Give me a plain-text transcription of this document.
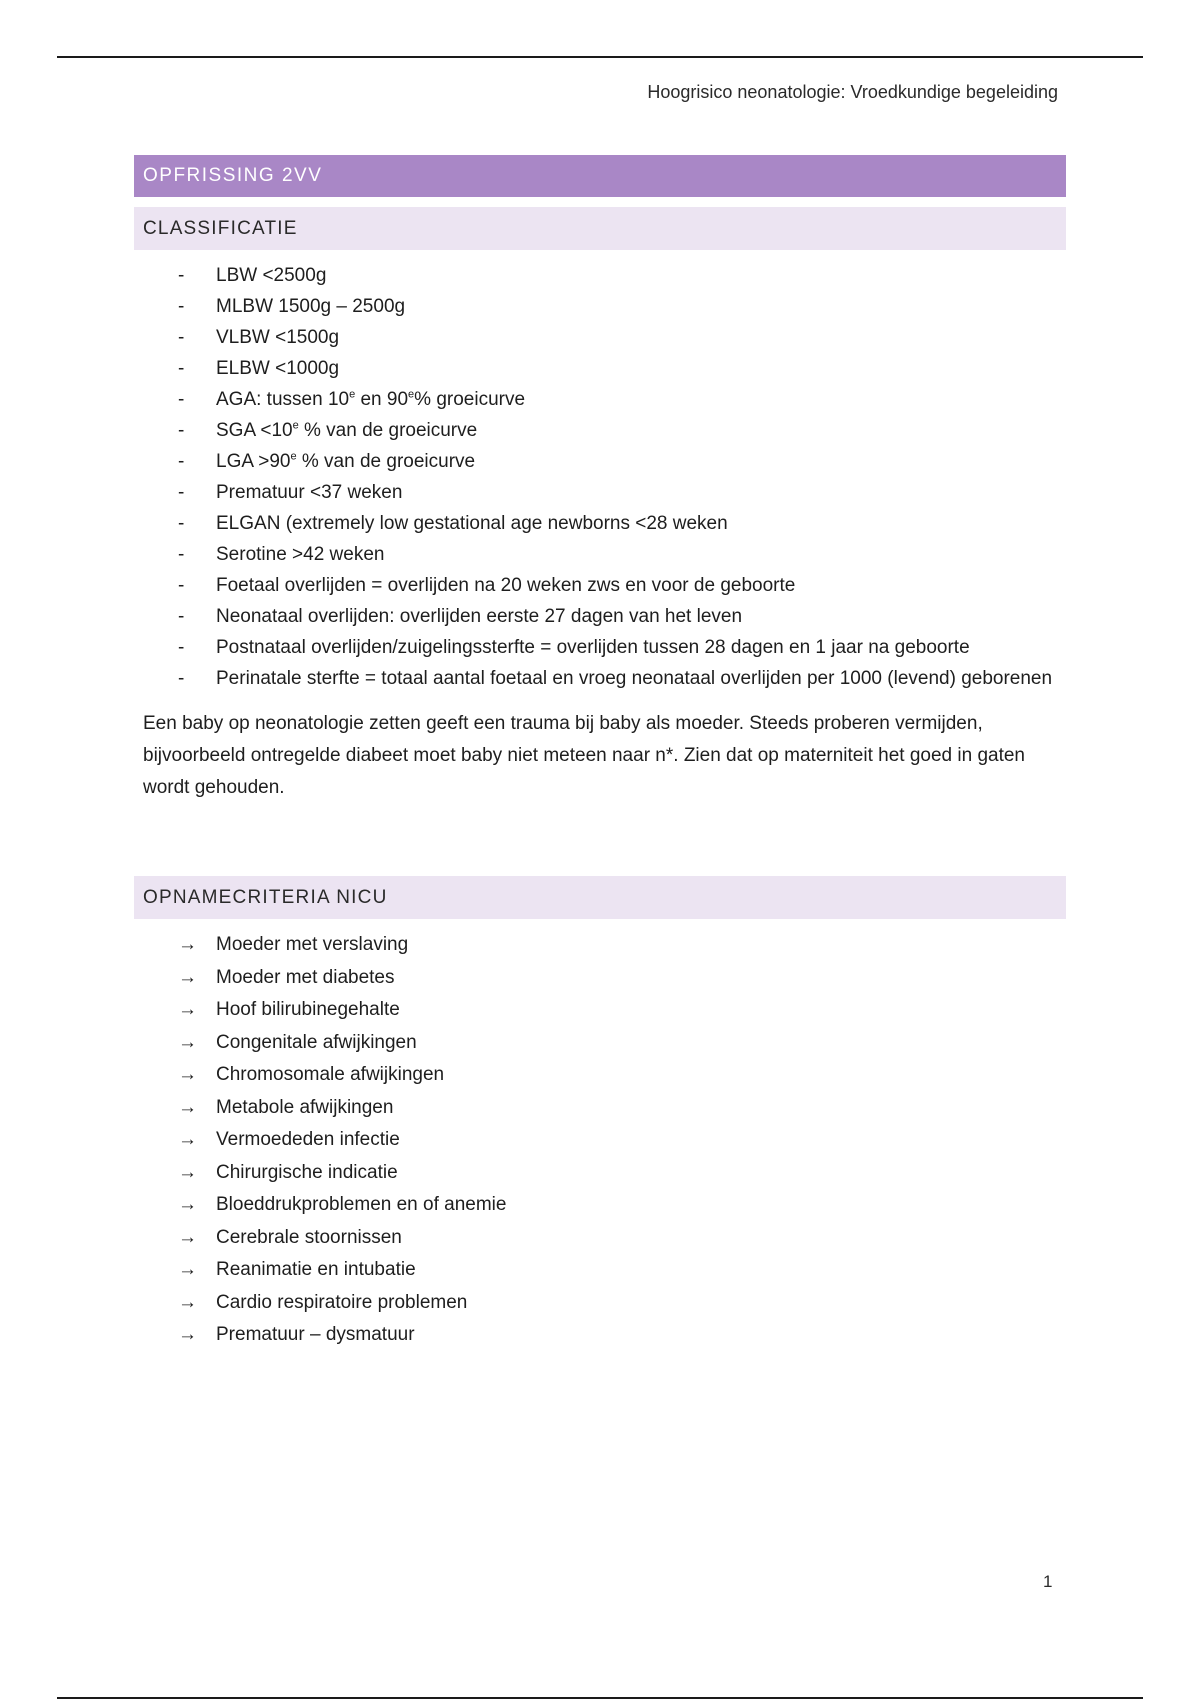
Hoogrisico neonatologie: Vroedkundige begeleiding
OPFRISSING 2VV
CLASSIFICATIE
- LBW <2500g
- MLBW 1500g – 2500g
- VLBW <1500g
- ELBW <1000g
- AGA: tussen 10e en 90e% groeicurve
- SGA $<10^e$ % van de groeicurve
- LGA $>90^e$ % van de groeicurve
- Prematuur <37 weken
- ELGAN (extremely low gestational age newborns <28 weken
- Serotine >42 weken
- Foetaal overlijden = overlijden na 20 weken zws en voor de geboorte
- Neonataal overlijden: overlijden eerste 27 dagen van het leven
- Postnataal overlijden/zuigelingssterfte = overlijden tussen 28 dagen en 1 jaar na geboorte
- Perinatale sterfte = totaal aantal foetaal en vroeg neonataal overlijden per 1000 (levend) geborenen
Een baby op neonatologie zetten geeft een trauma bij baby als moeder. Steeds proberen vermijden, bijvoorbeeld ontregelde diabeet moet baby niet meteen naar n*. Zien dat op materniteit het goed in gaten wordt gehouden.
OPNAMECRITERIA NICU
→ Moeder met verslaving
→ Moeder met diabetes
→ Hoof bilirubinegehalte
→ Congenitale afwijkingen
→ Chromosomale afwijkingen
→ Metabole afwijkingen
→ Vermoededen infectie
→ Chirurgische indicatie
→ Bloeddrukproblemen en of anemie
→ Cerebrale stoornissen
→ Reanimatie en intubatie
→ Cardio respiratoire problemen
→ Prematuur – dysmatuur
1
